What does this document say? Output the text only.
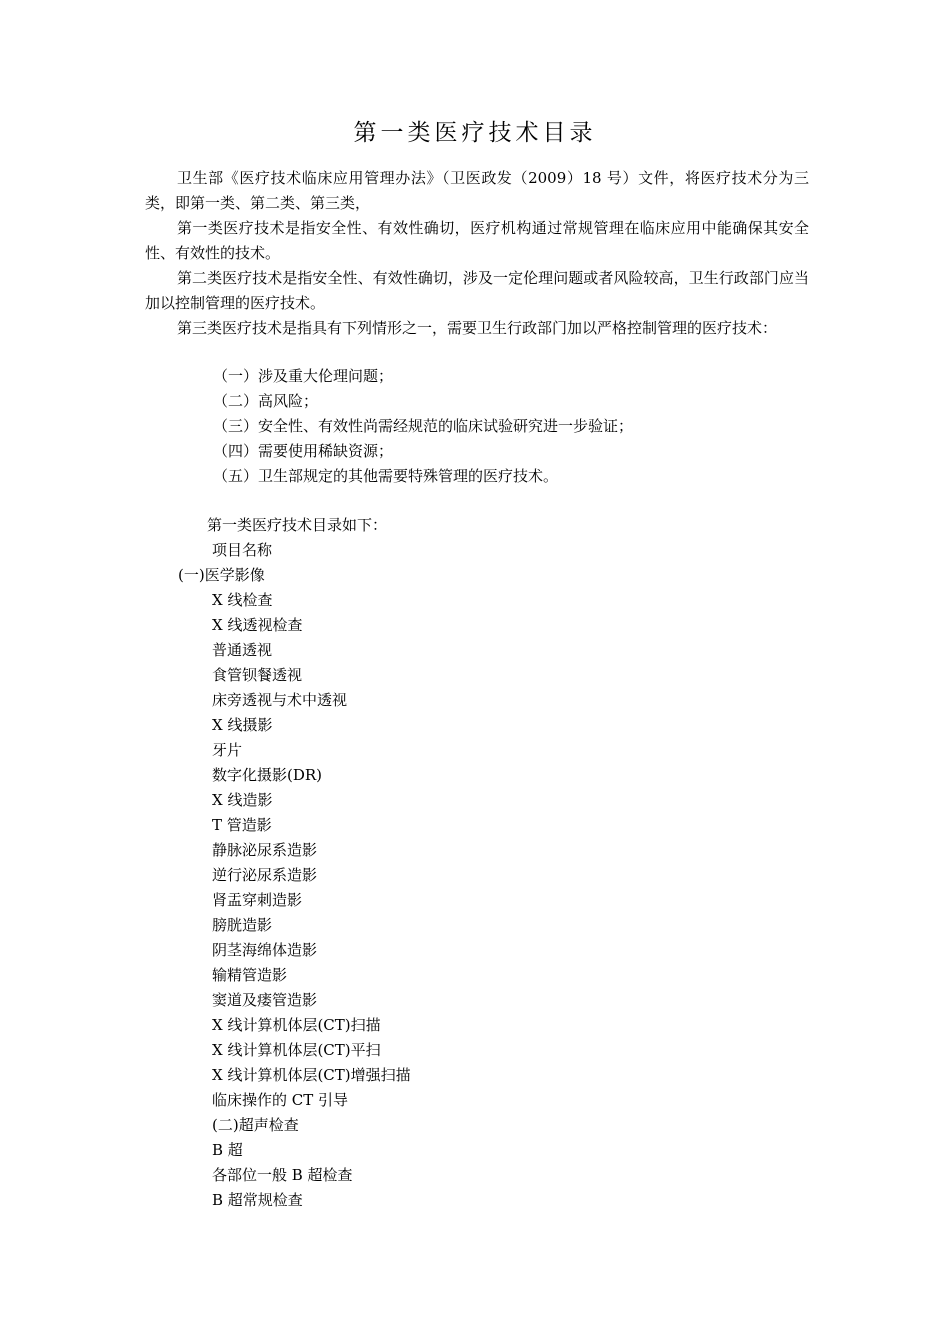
第一类医疗技术目录

卫生部《医疗技术临床应用管理办法》（卫医政发（2009）18 号）文件，将医疗技术分为三类，即第一类、第二类、第三类，

第一类医疗技术是指安全性、有效性确切，医疗机构通过常规管理在临床应用中能确保其安全性、有效性的技术。

第二类医疗技术是指安全性、有效性确切，涉及一定伦理问题或者风险较高，卫生行政部门应当加以控制管理的医疗技术。

第三类医疗技术是指具有下列情形之一，需要卫生行政部门加以严格控制管理的医疗技术：

（一）涉及重大伦理问题；
（二）高风险；
（三）安全性、有效性尚需经规范的临床试验研究进一步验证；
（四）需要使用稀缺资源；
（五）卫生部规定的其他需要特殊管理的医疗技术。
第一类医疗技术目录如下：
项目名称
(一)医学影像
X 线检查
X 线透视检查
普通透视
食管钡餐透视
床旁透视与术中透视
X 线摄影
牙片
数字化摄影(DR)
X 线造影
T 管造影
静脉泌尿系造影
逆行泌尿系造影
肾盂穿刺造影
膀胱造影
阴茎海绵体造影
输精管造影
窦道及瘘管造影
X 线计算机体层(CT)扫描
X 线计算机体层(CT)平扫
X 线计算机体层(CT)增强扫描
临床操作的 CT 引导
(二)超声检查
B 超
各部位一般 B 超检查
B 超常规检查
